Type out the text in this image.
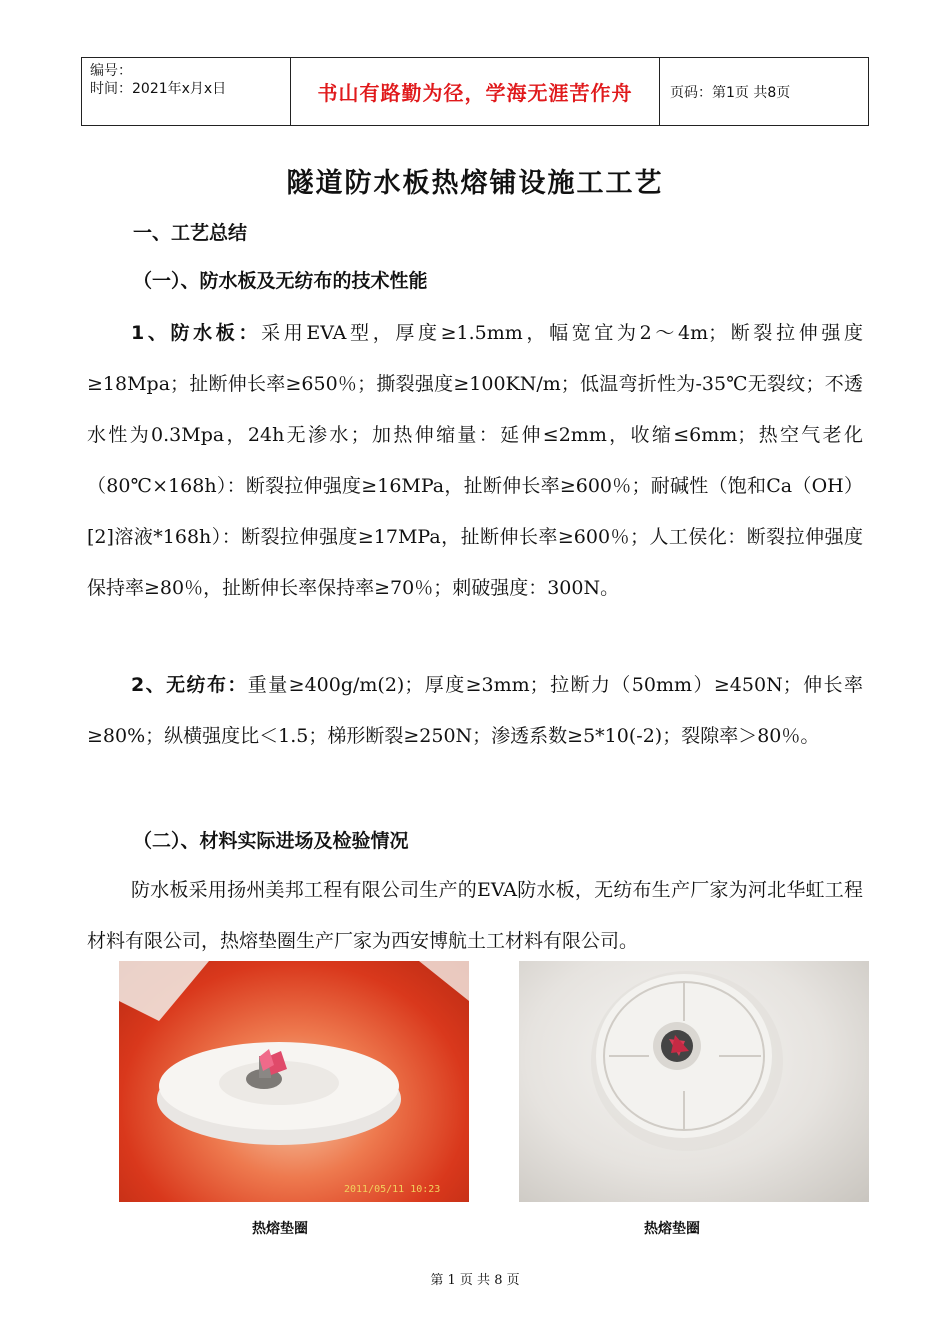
编号：
时间：2021年x月x日	书山有路勤为径，学海无涯苦作舟	页码：第1页 共8页
隧道防水板热熔铺设施工工艺
一、工艺总结
（一）、防水板及无纺布的技术性能

1、防水板：采用EVA型，厚度≥1.5mm，幅宽宜为2～4m；断裂拉伸强度≥18Mpa；扯断伸长率≥650％；撕裂强度≥100KN/m；低温弯折性为-35℃无裂纹；不透水性为0.3Mpa，24h无渗水；加热伸缩量：延伸≤2mm，收缩≤6mm；热空气老化（80℃×168h）：断裂拉伸强度≥16MPa，扯断伸长率≥600％；耐碱性（饱和Ca（OH）[2]溶液*168h）：断裂拉伸强度≥17MPa，扯断伸长率≥600％；人工侯化：断裂拉伸强度保持率≥80％，扯断伸长率保持率≥70％；刺破强度：300N。

2、无纺布：重量≥400g/m(2)；厚度≥3mm；拉断力（50mm）≥450N；伸长率≥80%；纵横强度比＜1.5；梯形断裂≥250N；渗透系数≥5*10(-2)；裂隙率＞80％。

（二）、材料实际进场及检验情况

防水板采用扬州美邦工程有限公司生产的EVA防水板，无纺布生产厂家为河北华虹工程材料有限公司，热熔垫圈生产厂家为西安博航土工材料有限公司。

2011/05/11 10:23
热熔垫圈	热熔垫圈
第 1 页 共 8 页
